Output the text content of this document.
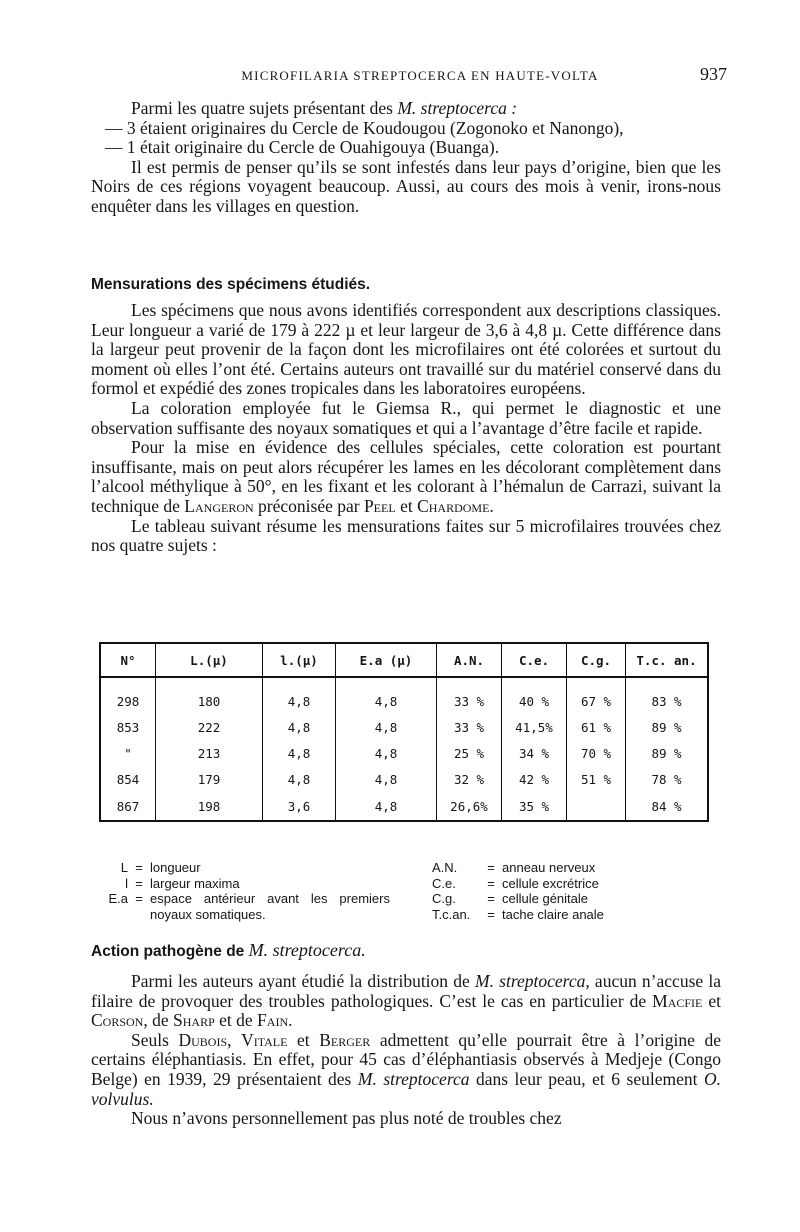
MICROFILARIA STREPTOCERCA EN HAUTE-VOLTA	937

Parmi les quatre sujets présentant des M. streptocerca :

— 3 étaient originaires du Cercle de Koudougou (Zogonoko et Nanongo),

— 1 était originaire du Cercle de Ouahigouya (Buanga).

Il est permis de penser qu’ils se sont infestés dans leur pays d’origine, bien que les Noirs de ces régions voyagent beaucoup. Aussi, au cours des mois à venir, irons-nous enquêter dans les villages en question.

Mensurations des spécimens étudiés.

Les spécimens que nous avons identifiés correspondent aux descriptions classiques. Leur longueur a varié de 179 à 222 µ et leur largeur de 3,6 à 4,8 µ. Cette différence dans la largeur peut provenir de la façon dont les microfilaires ont été colorées et surtout du moment où elles l’ont été. Certains auteurs ont travaillé sur du matériel conservé dans du formol et expédié des zones tropicales dans les laboratoires européens.

La coloration employée fut le Giemsa R., qui permet le diagnostic et une observation suffisante des noyaux somatiques et qui a l’avantage d’être facile et rapide.

Pour la mise en évidence des cellules spéciales, cette coloration est pourtant insuffisante, mais on peut alors récupérer les lames en les décolorant complètement dans l’alcool méthylique à 50°, en les fixant et les colorant à l’hémalun de Carrazi, suivant la technique de Langeron préconisée par Peel et Chardome.

Le tableau suivant résume les mensurations faites sur 5 microfilaires trouvées chez nos quatre sujets :

N°	L.(µ)	l.(µ)	E.a (µ)	A.N.	C.e.	C.g.	T.c. an.

298	180	4,8	4,8	33 %	40 %	67 %	83 %
853	222	4,8	4,8	33 %	41,5%	61 %	89 %
"	213	4,8	4,8	25 %	34 %	70 %	89 %
854	179	4,8	4,8	32 %	42 %	51 %	78 %
867	198	3,6	4,8	26,6%	35 %		84 %
L = longueur
l = largeur maxima
E.a = espace antérieur avant les premiers noyaux somatiques.
A.N.	= anneau nerveux
C.e.	= cellule excrétrice
C.g.	= cellule génitale
T.c.an.	= tache claire anale
Action pathogène de M. streptocerca.

Parmi les auteurs ayant étudié la distribution de M. streptocerca, aucun n’accuse la filaire de provoquer des troubles pathologiques. C’est le cas en particulier de Macfie et Corson, de Sharp et de Fain.

Seuls Dubois, Vitale et Berger admettent qu’elle pourrait être à l’origine de certains éléphantiasis. En effet, pour 45 cas d’éléphantiasis observés à Medjeje (Congo Belge) en 1939, 29 présentaient des M. streptocerca dans leur peau, et 6 seulement O. volvulus.

Nous n’avons personnellement pas plus noté de troubles chez
